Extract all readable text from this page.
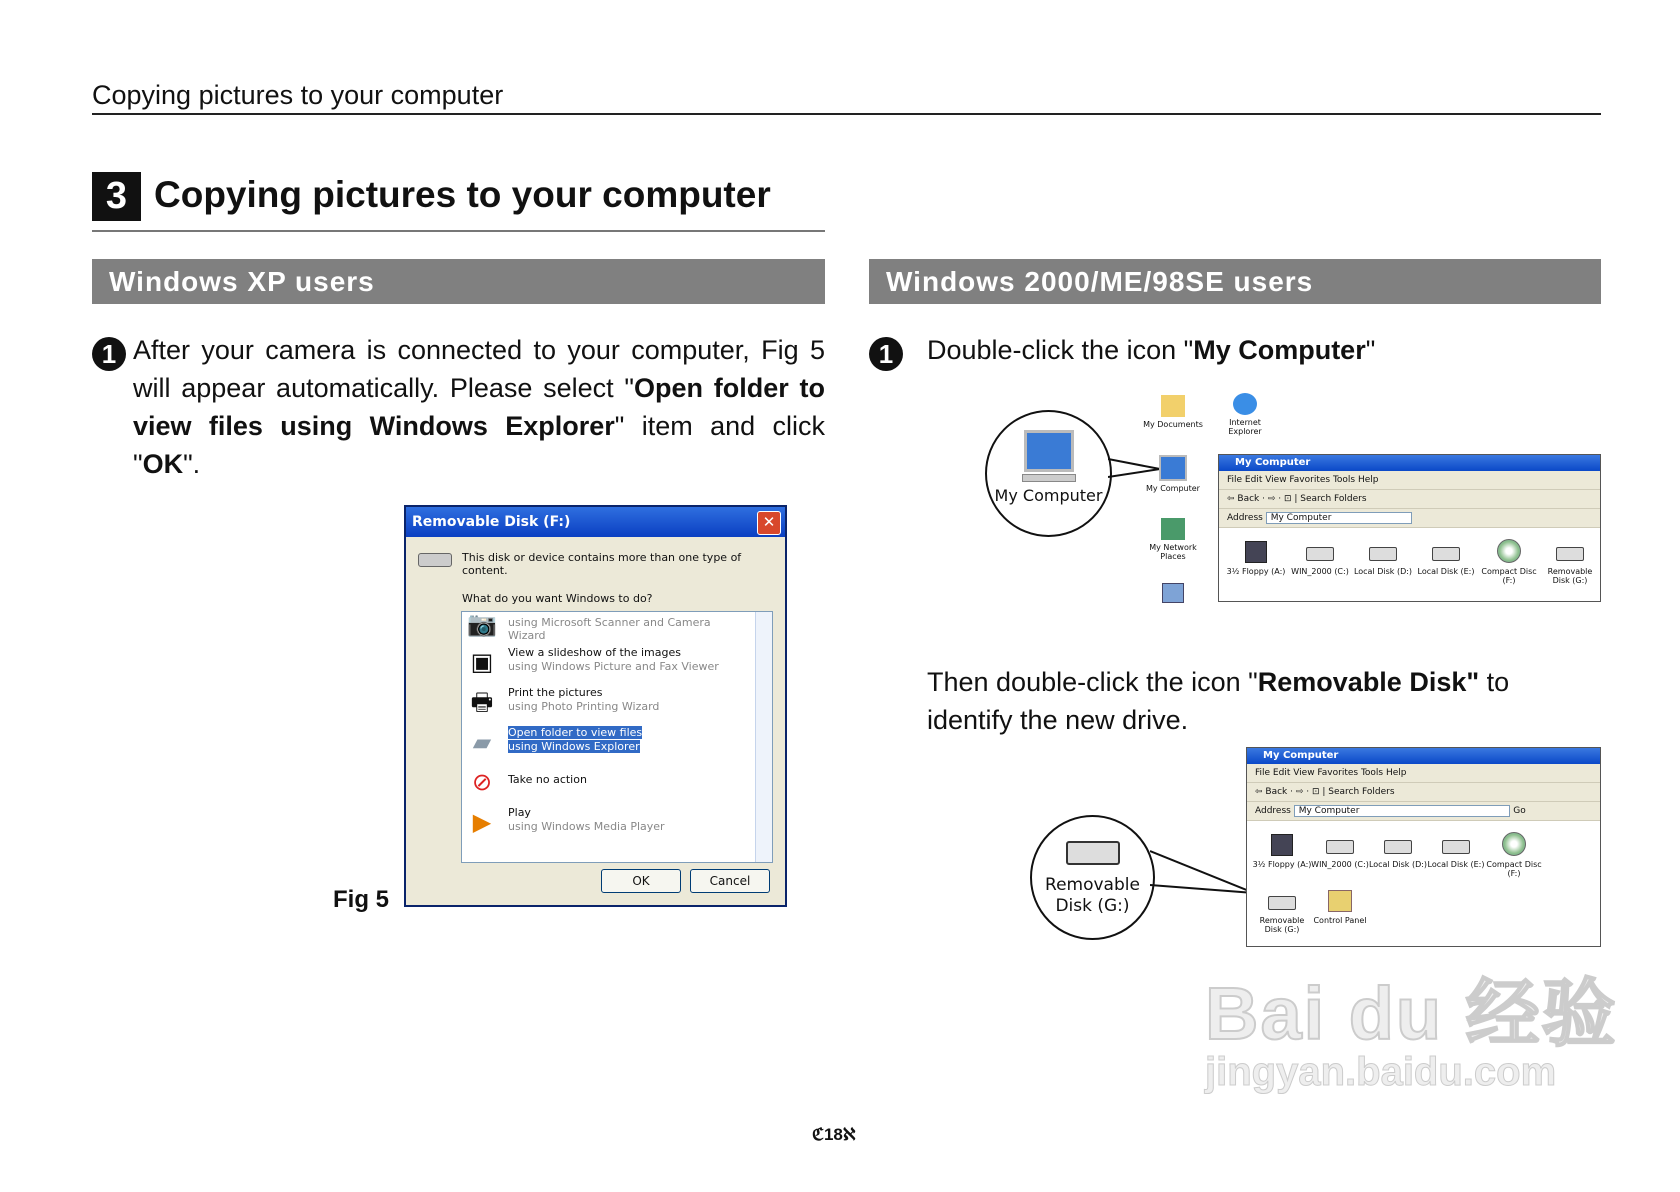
Copying pictures to your computer
3 Copying pictures to your computer
Windows XP users
1 After your camera is connected to your computer, Fig 5 will appear automatically. Please select "Open folder to view files using Windows Explorer" item and click "OK".
Removable Disk (F:)	✕
This disk or device contains more than one type of content.
What do you want Windows to do?
📷 using Microsoft Scanner and Camera Wizard
▣	View a slideshow of the images
using Windows Picture and Fax Viewer
🖶	Print the pictures
using Photo Printing Wizard
▰	Open folder to view files
using Windows Explorer
⊘	Take no action
▶	Play
using Windows Media Player
OK	Cancel
Fig 5
Windows 2000/ME/98SE users
1	Double-click the icon "My Computer"
My Computer
My Documents	Internet Explorer
My Computer
My Network Places
My Computer
File Edit View Favorites Tools Help
⇦ Back · ⇨ · ⊡ | Search Folders
Address My Computer
3½ Floppy (A:) WIN_2000 (C:) Local Disk (D:) Local Disk (E:) Compact Disc (F:)
Removable Disk (G:)
Then double-click the icon "Removable Disk" to identify the new drive.
Removable Disk (G:)
My Computer
File Edit View Favorites Tools Help
⇦ Back · ⇨ · ⊡ | Search Folders
Address My Computer	Go
3½ Floppy (A:) WIN_2000 (C:) Local Disk (D:) Local Disk (E:) Compact Disc (F:)
Removable Disk (G:)
Control Panel
ℭ18ℵ
Bai du 经验
jingyan.baidu.com
